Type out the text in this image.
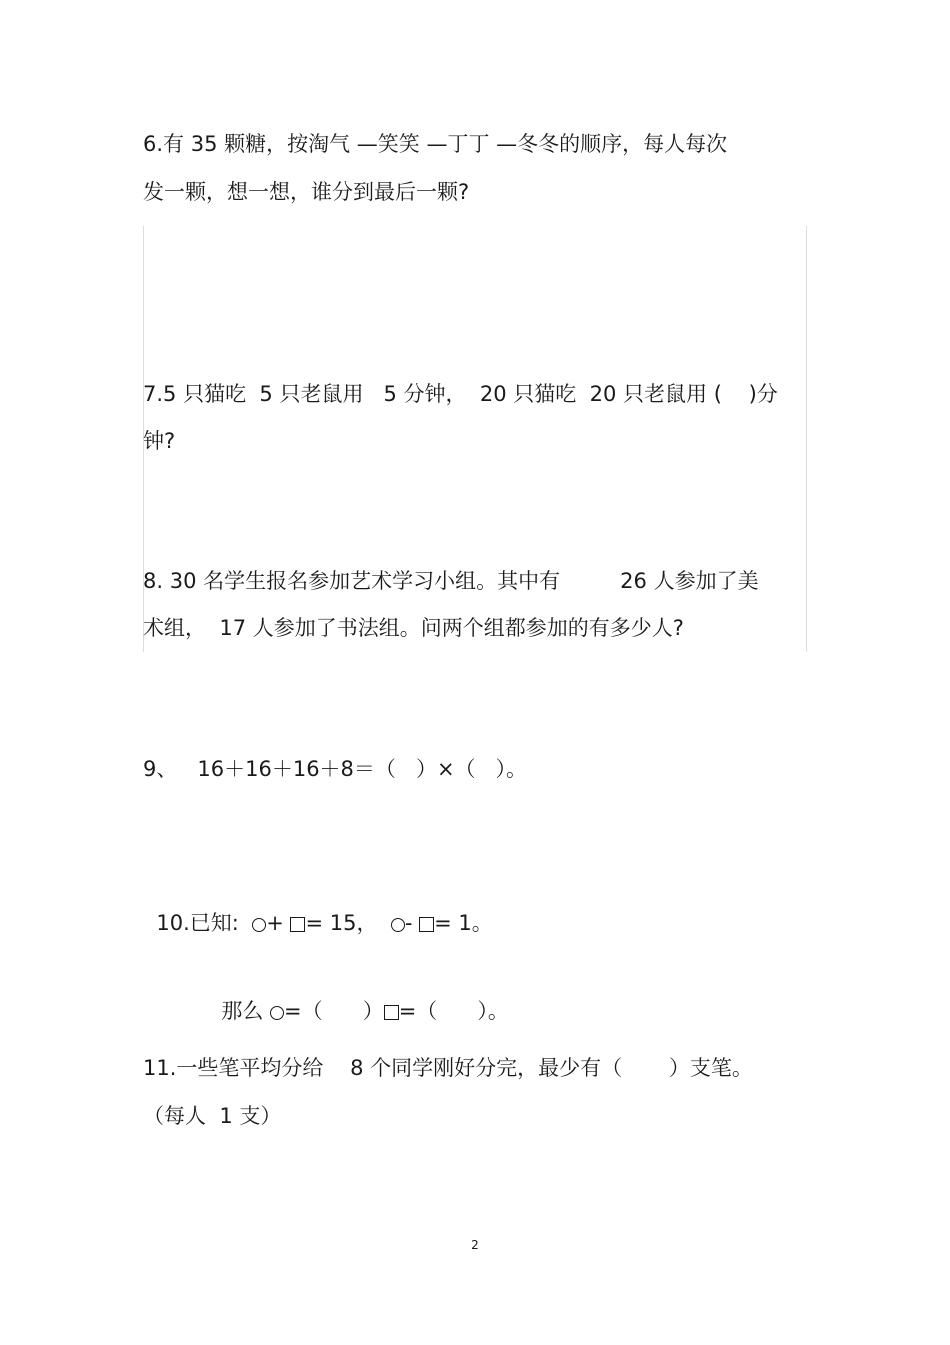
6.有 35 颗糖，按淘气 —笑笑 —丁丁 —冬冬的顺序，每人每次
发一颗，想一想，谁分到最后一颗?
7.5 只猫吃  5 只老鼠用   5 分钟，  20 只猫吃  20 只老鼠用 (    )分
钟?
8. 30 名学生报名参加艺术学习小组。其中有         26 人参加了美
术组，  17 人参加了书法组。问两个组都参加的有多少人?
9、   16＋16＋16＋8＝（   ）×（   ）。

10.已知:  + = 15，  - = 1。

那么 =（      ） =（      ）。

11.一些笔平均分给    8 个同学刚好分完，最少有（       ）支笔。
（每人  1 支）
2
